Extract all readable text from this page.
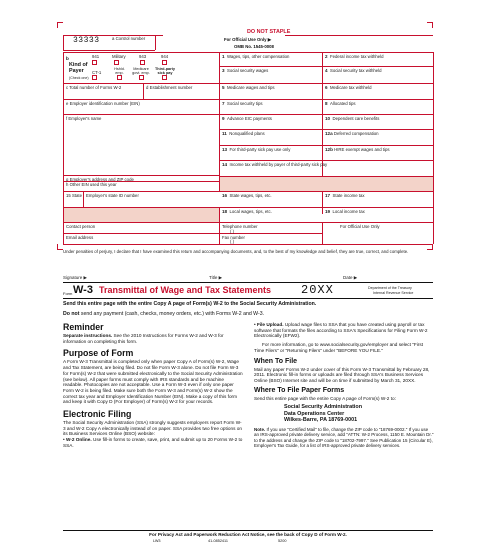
33333	a Control number
DO NOT STAPLE
For Official Use Only ▶
OMB No. 1545-0008
b
Kind of Payer
(Check one)
941	Military	943	944
CT-1
Hshld. emp.
Medicare govt. emp.
Third-party sick pay
c Total number of Forms W-2	d Establishment number
e Employer identification number (EIN)
f Employer's name
g Employer's address and ZIP code
h Other EIN used this year
1 Wages, tips, other compensation	2 Federal income tax withheld
3 Social security wages	4 Social security tax withheld
5 Medicare wages and tips	6 Medicare tax withheld
7 Social security tips	8 Allocated tips
9 Advance EIC payments	10 Dependent care benefits
11 Nonqualified plans	12a Deferred compensation
13 For third-party sick pay use only	12b HIRE exempt wages and tips
14 Income tax withheld by payer of third-party sick pay
15 State Employer's state ID number	16 State wages, tips, etc.	17 State income tax
18 Local wages, tips, etc.	19 Local income tax
Contact person
Email address
Telephone number
( )
Fax number
( )
For Official Use Only
Under penalties of perjury, I declare that I have examined this return and accompanying documents, and, to the best of my knowledge and belief, they are true, correct, and complete.
Signature ▶	Title ▶	Date ▶
Form W-3 Transmittal of Wage and Tax Statements 20XX	Department of the Treasury
Internal Revenue Service
Send this entire page with the entire Copy A page of Form(s) W-2 to the Social Security Administration.
Do not send any payment (cash, checks, money orders, etc.) with Forms W-2 and W-3.
Reminder
Separate instructions. See the 2010 Instructions for Forms W-2 and W-3 for information on completing this form.
Purpose of Form
A Form W-3 Transmittal is completed only when paper Copy A of Form(s) W-2, Wage and Tax Statement, are being filed. Do not file Form W-3 alone. Do not file Form W-3 for Form(s) W-2 that were submitted electronically to the Social Security Administration (see below). All paper forms must comply with IRS standards and be machine readable. Photocopies are not acceptable. Use a Form W-3 even if only one paper Form W-2 is being filed. Make sure both the Form W-3 and Form(s) W-2 show the correct tax year and Employer Identification Number (EIN). Make a copy of this form and keep it with Copy D (For Employer) of Form(s) W-2 for your records.
Electronic Filing
The Social Security Administration (SSA) strongly suggests employers report Form W-3 and W-2 Copy A electronically instead of on paper. SSA provides two free options on its Business Services Online (BSO) website:
• W-2 Online. Use fill-in forms to create, save, print, and submit up to 20 Forms W-2 to SSA.
• File Upload. Upload wage files to SSA that you have created using payroll or tax software that formats the files according to SSA's Specifications for Filing Form W-2 Electronically (EFW2).
For more information, go to www.socialsecurity.gov/employer and select "First Time Filers" or "Returning Filers" under "BEFORE YOU FILE."
When To File
Mail any paper Forms W-2 under cover of this Form W-3 Transmittal by February 28, 2011. Electronic fill-in forms or uploads are filed through SSA's Business Services Online (BSO) Internet site and will be on time if submitted by March 31, 20XX.
Where To File Paper Forms
Send this entire page with the entire Copy A page of Form(s) W-2 to:
Social Security Administration
Data Operations Center
Wilkes-Barre, PA 18769-0001
Note. If you use "Certified Mail" to file, change the ZIP code to "18769-0002." If you use an IRS-approved private delivery service, add "ATTN: W-2 Process, 1150 E. Mountain Dr." to the address and change the ZIP code to "18702-7997." See Publication 15 (Circular E), Employer's Tax Guide, for a list of IRS-approved private delivery services.
For Privacy Act and Paperwork Reduction Act Notice, see the back of Copy D of Form W-2.
LW3	41-0852411	5200
